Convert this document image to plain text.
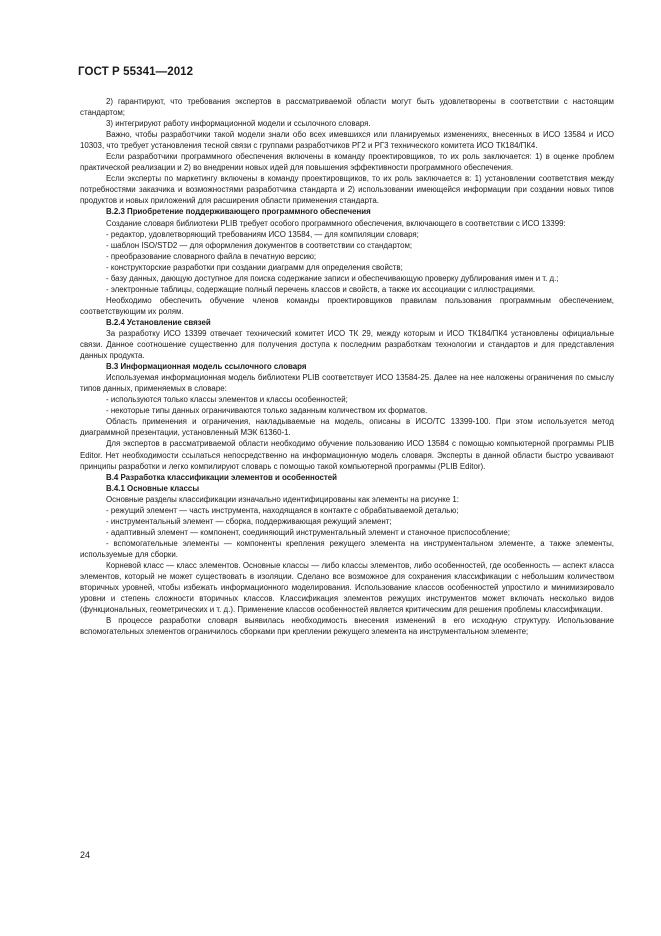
ГОСТ Р 55341—2012

2) гарантируют, что требования экспертов в рассматриваемой области могут быть удовлетворены в соответствии с настоящим стандартом;

3) интегрируют работу информационной модели и ссылочного словаря.

Важно, чтобы разработчики такой модели знали обо всех имевшихся или планируемых изменениях, внесенных в ИСО 13584 и ИСО 10303, что требует установления тесной связи с группами разработчиков РГ2 и РГ3 технического комитета ИСО ТК184/ПК4.

Если разработчики программного обеспечения включены в команду проектировщиков, то их роль заключается: 1) в оценке проблем практической реализации и 2) во внедрении новых идей для повышения эффективности программного обеспечения.

Если эксперты по маркетингу включены в команду проектировщиков, то их роль заключается в: 1) установлении соответствия между потребностями заказчика и возможностями разработчика стандарта и 2) использовании имеющейся информации при создании новых типов продуктов и новых приложений для расширения области применения стандарта.

В.2.3 Приобретение поддерживающего программного обеспечения

Создание словаря библиотеки PLIB требует особого программного обеспечения, включающего в соответствии с ИСО 13399:

- редактор, удовлетворяющий требованиям ИСО 13584, — для компиляции словаря;

- шаблон ISO/STD2 — для оформления документов в соответствии со стандартом;

- преобразование словарного файла в печатную версию;

- конструкторские разработки при создании диаграмм для определения свойств;

- базу данных, дающую доступное для поиска содержание записи и обеспечивающую проверку дублирования имен и т. д.;

- электронные таблицы, содержащие полный перечень классов и свойств, а также их ассоциации с иллюстрациями.

Необходимо обеспечить обучение членов команды проектировщиков правилам пользования программным обеспечением, соответствующим их ролям.

В.2.4 Установление связей

За разработку ИСО 13399 отвечает технический комитет ИСО ТК 29, между которым и ИСО ТК184/ПК4 установлены официальные связи. Данное соотношение существенно для получения доступа к последним разработкам технологии и стандартов и для представления данных продукта.

В.3 Информационная модель ссылочного словаря

Используемая информационная модель библиотеки PLIB соответствует ИСО 13584-25. Далее на нее наложены ограничения по смыслу типов данных, применяемых в словаре:

- используются только классы элементов и классы особенностей;

- некоторые типы данных ограничиваются только заданным количеством их форматов.

Область применения и ограничения, накладываемые на модель, описаны в ИСО/ТС 13399-100. При этом используется метод диаграммной презентации, установленный МЭК 61360-1.

Для экспертов в рассматриваемой области необходимо обучение пользованию ИСО 13584 с помощью компьютерной программы PLIB Editor. Нет необходимости ссылаться непосредственно на информационную модель словаря. Эксперты в данной области быстро усваивают принципы разработки и легко компилируют словарь с помощью такой компьютерной программы (PLIB Editor).

В.4 Разработка классификации элементов и особенностей

В.4.1 Основные классы

Основные разделы классификации изначально идентифицированы как элементы на рисунке 1:

- режущий элемент — часть инструмента, находящаяся в контакте с обрабатываемой деталью;

- инструментальный элемент — сборка, поддерживающая режущий элемент;

- адаптивный элемент — компонент, соединяющий инструментальный элемент и станочное приспособление;

- вспомогательные элементы — компоненты крепления режущего элемента на инструментальном элементе, а также элементы, используемые для сборки.

Корневой класс — класс элементов. Основные классы — либо классы элементов, либо особенностей, где особенность — аспект класса элементов, который не может существовать в изоляции. Сделано все возможное для сохранения классификации с небольшим количеством вторичных уровней, чтобы избежать информационного моделирования. Использование классов особенностей упростило и минимизировало уровни и степень сложности вторичных классов. Классификация элементов режущих инструментов может включать несколько видов (функциональных, геометрических и т. д.). Применение классов особенностей является критическим для решения проблемы классификации.

В процессе разработки словаря выявилась необходимость внесения изменений в его исходную структуру. Использование вспомогательных элементов ограничилось сборками при креплении режущего элемента на инструментальном элементе;

24
